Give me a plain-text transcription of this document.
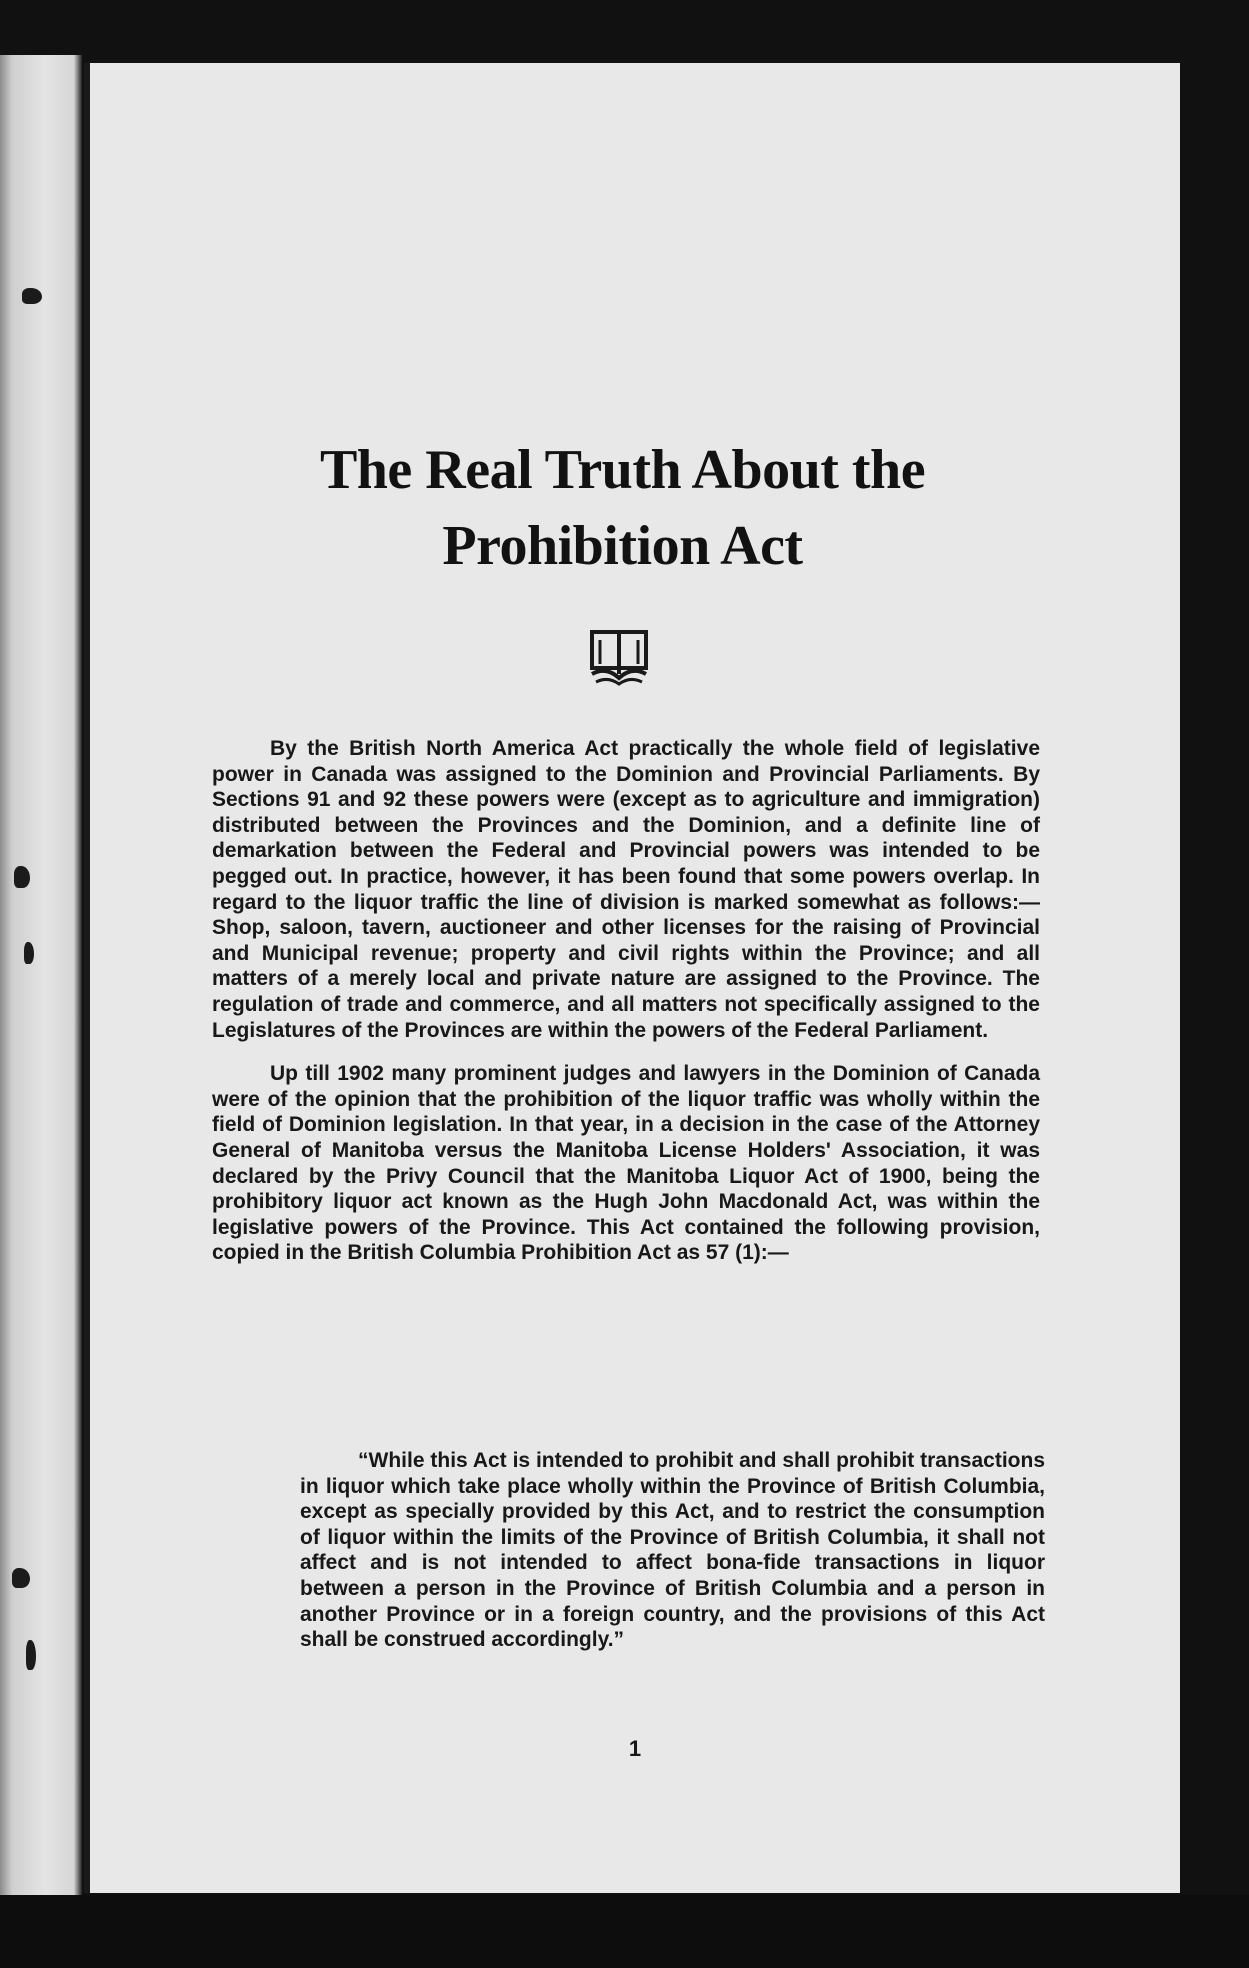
The Real Truth About the
Prohibition Act

By the British North America Act practically the whole field of legislative power in Canada was assigned to the Dominion and Provincial Parliaments. By Sections 91 and 92 these powers were (except as to agriculture and immigration) distributed between the Provinces and the Dominion, and a definite line of demarkation between the Federal and Provincial powers was intended to be pegged out. In practice, however, it has been found that some powers overlap. In regard to the liquor traffic the line of division is marked somewhat as follows:—Shop, saloon, tavern, auctioneer and other licenses for the raising of Provincial and Municipal revenue; property and civil rights within the Province; and all matters of a merely local and private nature are assigned to the Province. The regulation of trade and commerce, and all matters not specifically assigned to the Legislatures of the Provinces are within the powers of the Federal Parliament.

Up till 1902 many prominent judges and lawyers in the Dominion of Canada were of the opinion that the prohibition of the liquor traffic was wholly within the field of Dominion legislation. In that year, in a decision in the case of the Attorney General of Manitoba versus the Manitoba License Holders' Association, it was declared by the Privy Council that the Manitoba Liquor Act of 1900, being the prohibitory liquor act known as the Hugh John Macdonald Act, was within the legislative powers of the Province. This Act contained the following provision, copied in the British Columbia Prohibition Act as 57 (1):—

“While this Act is intended to prohibit and shall prohibit transactions in liquor which take place wholly within the Province of British Columbia, except as specially provided by this Act, and to restrict the consumption of liquor within the limits of the Province of British Columbia, it shall not affect and is not intended to affect bona-fide transactions in liquor between a person in the Province of British Columbia and a person in another Province or in a foreign country, and the provisions of this Act shall be construed accordingly.”
1
